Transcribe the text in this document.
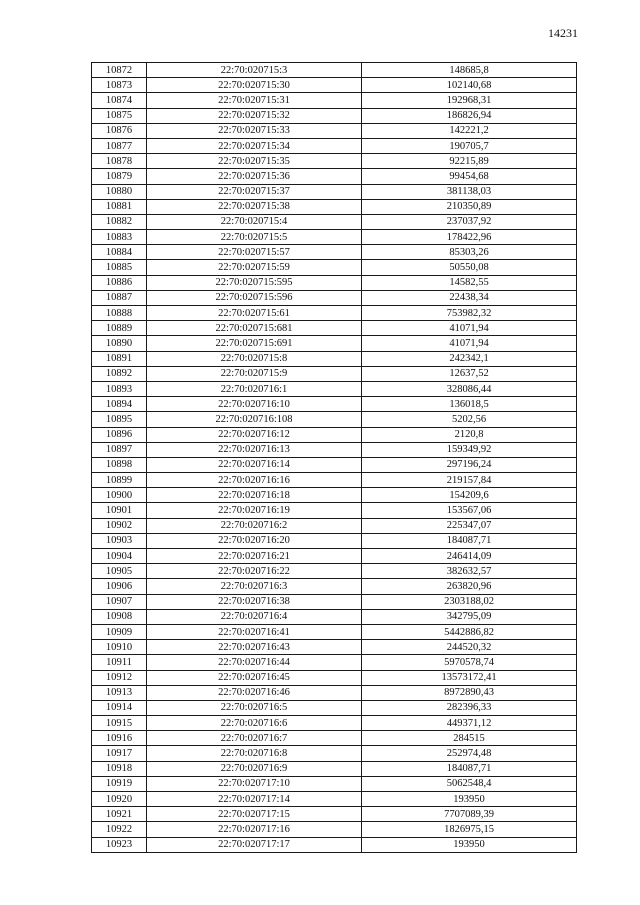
14231
10872	22:70:020715:3	148685,8
10873	22:70:020715:30	102140,68
10874	22:70:020715:31	192968,31
10875	22:70:020715:32	186826,94
10876	22:70:020715:33	142221,2
10877	22:70:020715:34	190705,7
10878	22:70:020715:35	92215,89
10879	22:70:020715:36	99454,68
10880	22:70:020715:37	381138,03
10881	22:70:020715:38	210350,89
10882	22:70:020715:4	237037,92
10883	22:70:020715:5	178422,96
10884	22:70:020715:57	85303,26
10885	22:70:020715:59	50550,08
10886	22:70:020715:595	14582,55
10887	22:70:020715:596	22438,34
10888	22:70:020715:61	753982,32
10889	22:70:020715:681	41071,94
10890	22:70:020715:691	41071,94
10891	22:70:020715:8	242342,1
10892	22:70:020715:9	12637,52
10893	22:70:020716:1	328086,44
10894	22:70:020716:10	136018,5
10895	22:70:020716:108	5202,56
10896	22:70:020716:12	2120,8
10897	22:70:020716:13	159349,92
10898	22:70:020716:14	297196,24
10899	22:70:020716:16	219157,84
10900	22:70:020716:18	154209,6
10901	22:70:020716:19	153567,06
10902	22:70:020716:2	225347,07
10903	22:70:020716:20	184087,71
10904	22:70:020716:21	246414,09
10905	22:70:020716:22	382632,57
10906	22:70:020716:3	263820,96
10907	22:70:020716:38	2303188,02
10908	22:70:020716:4	342795,09
10909	22:70:020716:41	5442886,82
10910	22:70:020716:43	244520,32
10911	22:70:020716:44	5970578,74
10912	22:70:020716:45	13573172,41
10913	22:70:020716:46	8972890,43
10914	22:70:020716:5	282396,33
10915	22:70:020716:6	449371,12
10916	22:70:020716:7	284515
10917	22:70:020716:8	252974,48
10918	22:70:020716:9	184087,71
10919	22:70:020717:10	5062548,4
10920	22:70:020717:14	193950
10921	22:70:020717:15	7707089,39
10922	22:70:020717:16	1826975,15
10923	22:70:020717:17	193950
